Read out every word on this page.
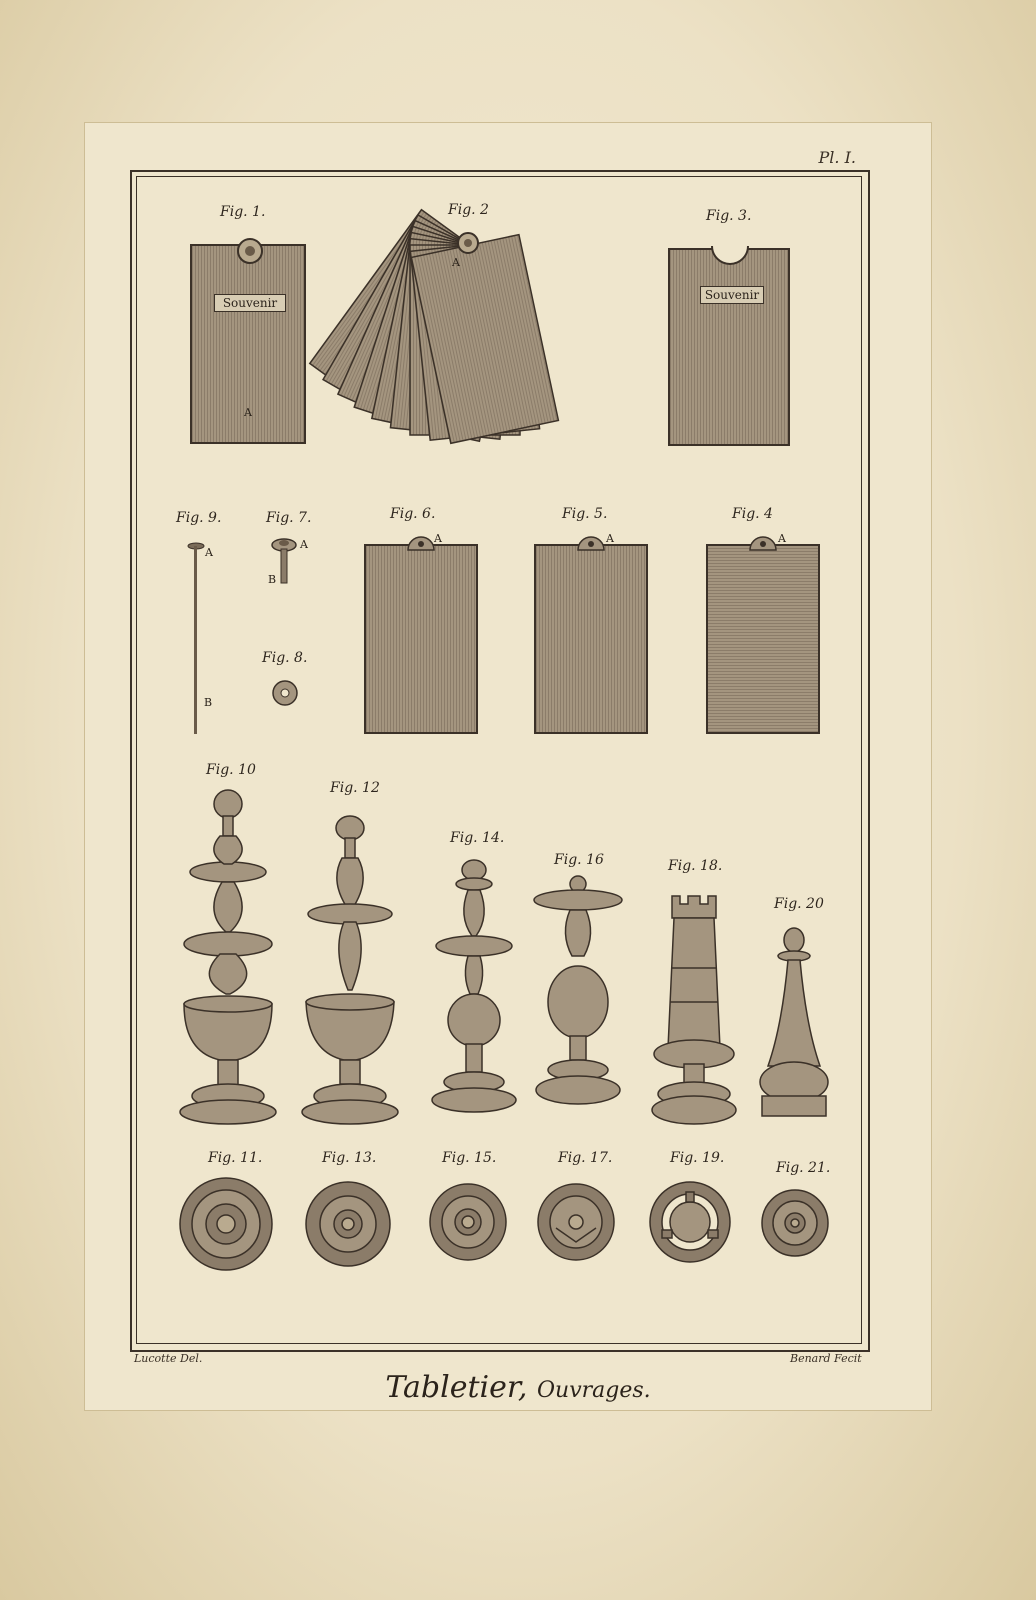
Pl. I.
Fig. 1.
Souvenir
A
Fig. 2
A
Fig. 3.
Souvenir
Fig. 9.
A
B
Fig. 7.
A
B
Fig. 8.
Fig. 6.
A
Fig. 5.
A
Fig. 4
A
Fig. 10
Fig. 12
Fig. 14.
Fig. 16	Fig. 18.
Fig. 20
Fig. 11.	Fig. 13.	Fig. 15.	Fig. 17.	Fig. 19.
Fig. 21.
Lucotte Del.	Benard Fecit
Tabletier, Ouvrages.
